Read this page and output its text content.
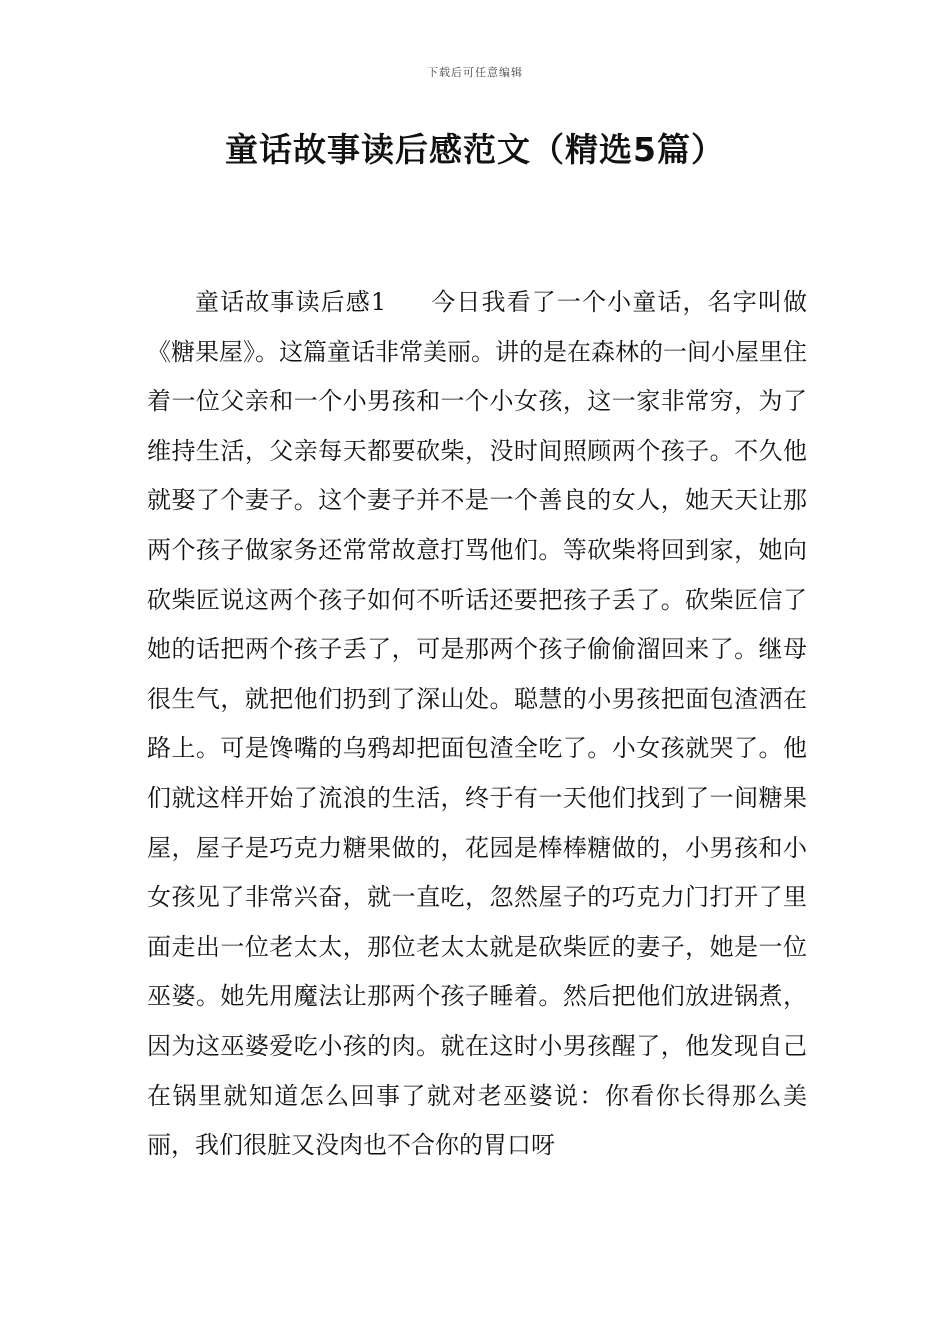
下载后可任意编辑
童话故事读后感范文（精选5篇）

童话故事读后感1 今日我看了一个小童话，名字叫做《糖果屋》。这篇童话非常美丽。讲的是在森林的一间小屋里住着一位父亲和一个小男孩和一个小女孩，这一家非常穷，为了维持生活，父亲每天都要砍柴，没时间照顾两个孩子。不久他就娶了个妻子。这个妻子并不是一个善良的女人，她天天让那两个孩子做家务还常常故意打骂他们。等砍柴将回到家，她向砍柴匠说这两个孩子如何不听话还要把孩子丢了。砍柴匠信了她的话把两个孩子丢了，可是那两个孩子偷偷溜回来了。继母很生气，就把他们扔到了深山处。聪慧的小男孩把面包渣洒在路上。可是馋嘴的乌鸦却把面包渣全吃了。小女孩就哭了。他们就这样开始了流浪的生活，终于有一天他们找到了一间糖果屋，屋子是巧克力糖果做的，花园是棒棒糖做的，小男孩和小女孩见了非常兴奋，就一直吃，忽然屋子的巧克力门打开了里面走出一位老太太，那位老太太就是砍柴匠的妻子，她是一位巫婆。她先用魔法让那两个孩子睡着。然后把他们放进锅煮，因为这巫婆爱吃小孩的肉。就在这时小男孩醒了，他发现自己在锅里就知道怎么回事了就对老巫婆说：你看你长得那么美丽，我们很脏又没肉也不合你的胃口呀
